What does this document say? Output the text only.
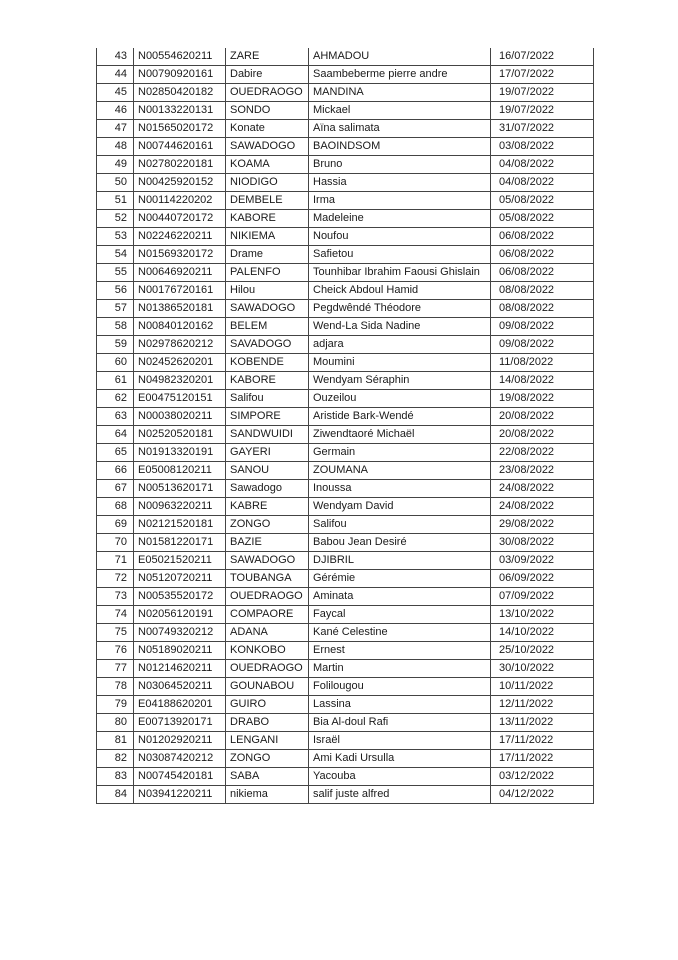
43	N00554620211	ZARE	AHMADOU	16/07/2022
44	N00790920161	Dabire	Saambeberme pierre andre	17/07/2022
45	N02850420182	OUEDRAOGO	MANDINA	19/07/2022
46	N00133220131	SONDO	Mickael	19/07/2022
47	N01565020172	Konate	Aïna salimata	31/07/2022
48	N00744620161	SAWADOGO	BAOINDSOM	03/08/2022
49	N02780220181	KOAMA	Bruno	04/08/2022
50	N00425920152	NIODIGO	Hassia	04/08/2022
51	N00114220202	DEMBELE	Irma	05/08/2022
52	N00440720172	KABORE	Madeleine	05/08/2022
53	N02246220211	NIKIEMA	Noufou	06/08/2022
54	N01569320172	Drame	Safietou	06/08/2022
55	N00646920211	PALENFO	Tounhibar Ibrahim Faousi Ghislain	06/08/2022
56	N00176720161	Hilou	Cheick Abdoul Hamid	08/08/2022
57	N01386520181	SAWADOGO	Pegdwêndé Théodore	08/08/2022
58	N00840120162	BELEM	Wend-La Sida Nadine	09/08/2022
59	N02978620212	SAVADOGO	adjara	09/08/2022
60	N02452620201	KOBENDE	Moumini	11/08/2022
61	N04982320201	KABORE	Wendyam Séraphin	14/08/2022
62	E00475120151	Salifou	Ouzeilou	19/08/2022
63	N00038020211	SIMPORE	Aristide Bark-Wendé	20/08/2022
64	N02520520181	SANDWUIDI	Ziwendtaoré Michaël	20/08/2022
65	N01913320191	GAYERI	Germain	22/08/2022
66	E05008120211	SANOU	ZOUMANA	23/08/2022
67	N00513620171	Sawadogo	Inoussa	24/08/2022
68	N00963220211	KABRE	Wendyam David	24/08/2022
69	N02121520181	ZONGO	Salifou	29/08/2022
70	N01581220171	BAZIE	Babou Jean Desiré	30/08/2022
71	E05021520211	SAWADOGO	DJIBRIL	03/09/2022
72	N05120720211	TOUBANGA	Gérémie	06/09/2022
73	N00535520172	OUEDRAOGO	Aminata	07/09/2022
74	N02056120191	COMPAORE	Faycal	13/10/2022
75	N00749320212	ADANA	Kané Celestine	14/10/2022
76	N05189020211	KONKOBO	Ernest	25/10/2022
77	N01214620211	OUEDRAOGO	Martin	30/10/2022
78	N03064520211	GOUNABOU	Folilougou	10/11/2022
79	E04188620201	GUIRO	Lassina	12/11/2022
80	E00713920171	DRABO	Bia Al-doul Rafi	13/11/2022
81	N01202920211	LENGANI	Israël	17/11/2022
82	N03087420212	ZONGO	Ami Kadi Ursulla	17/11/2022
83	N00745420181	SABA	Yacouba	03/12/2022
84	N03941220211	nikiema	salif juste alfred	04/12/2022
